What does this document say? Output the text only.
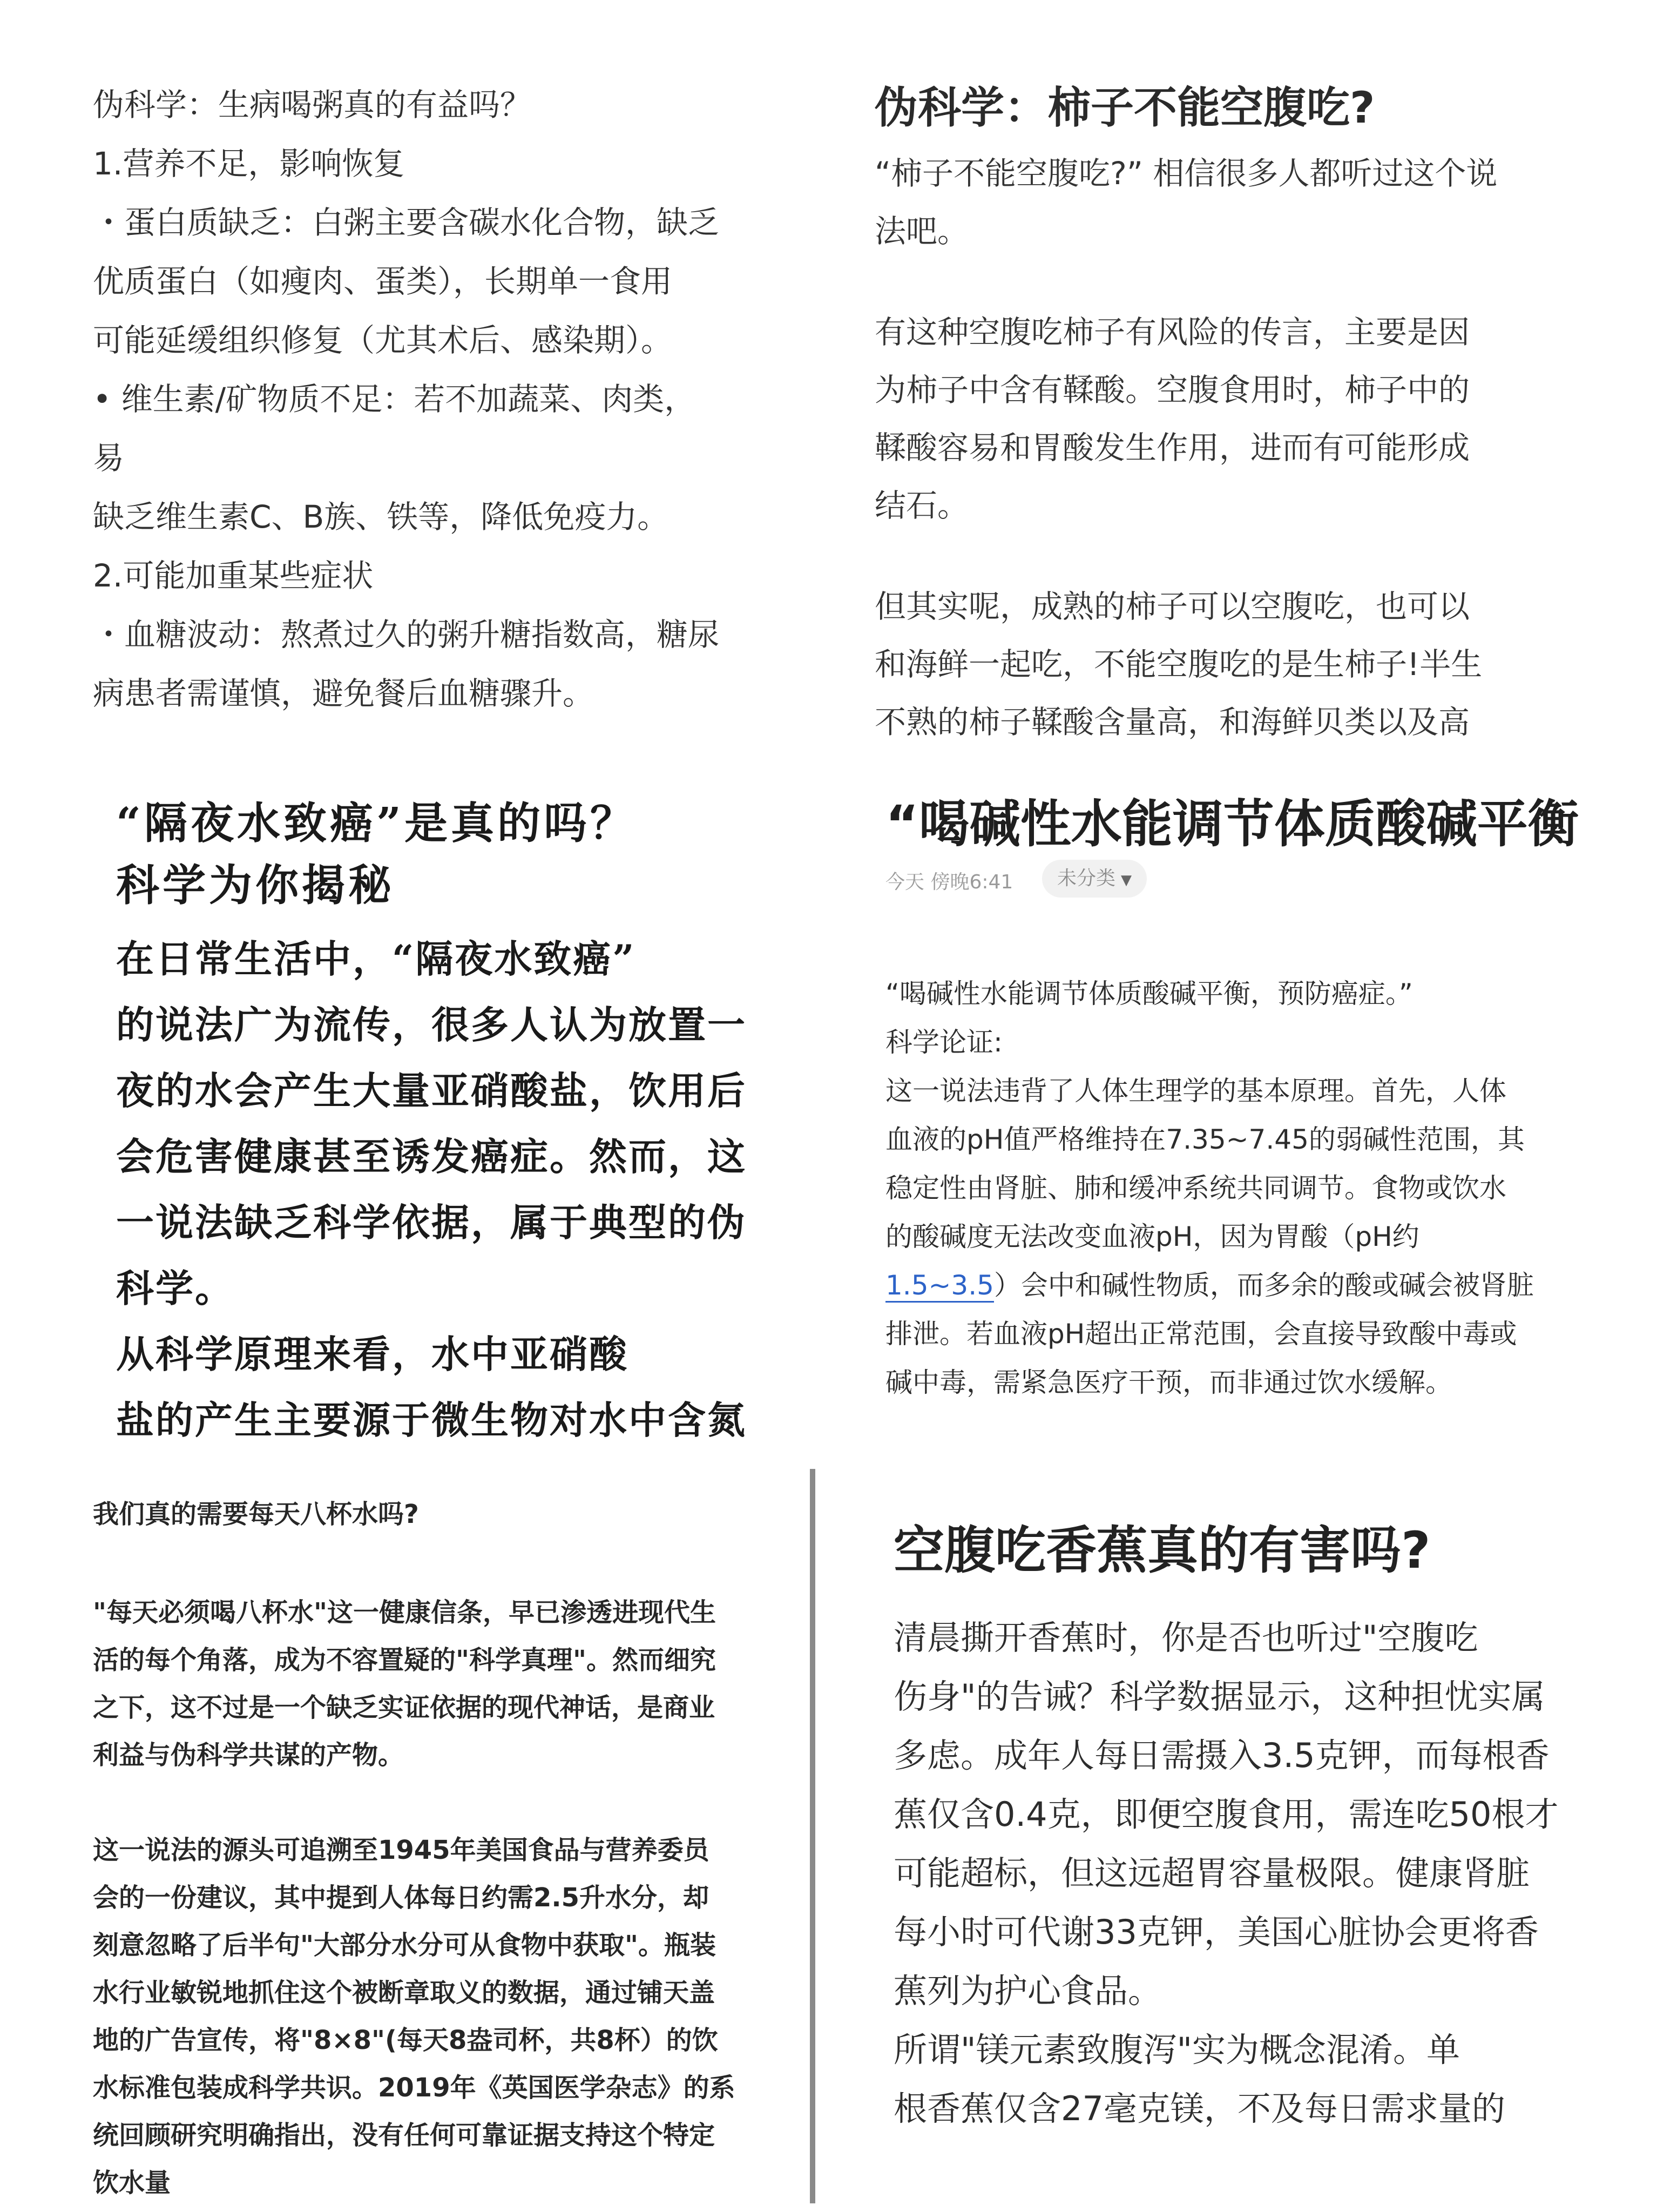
伪科学：生病喝粥真的有益吗？
1.营养不足，影响恢复
・蛋白质缺乏：白粥主要含碳水化合物，缺乏
优质蛋白（如瘦肉、蛋类），长期单一食用
可能延缓组织修复（尤其术后、感染期）。
• 维生素/矿物质不足：若不加蔬菜、肉类，
易
缺乏维生素C、B族、铁等，降低免疫力。
2.可能加重某些症状
・血糖波动：熬煮过久的粥升糖指数高，糖尿
病患者需谨慎，避免餐后血糖骤升。
伪科学：柿子不能空腹吃?
“柿子不能空腹吃?” 相信很多人都听过这个说
法吧。
有这种空腹吃柿子有风险的传言，主要是因
为柿子中含有鞣酸。空腹食用时，柿子中的
鞣酸容易和胃酸发生作用，进而有可能形成
结石。
但其实呢，成熟的柿子可以空腹吃，也可以
和海鲜一起吃，不能空腹吃的是生柿子!半生
不熟的柿子鞣酸含量高，和海鲜贝类以及高
“隔夜水致癌”是真的吗？
科学为你揭秘
在日常生活中，“隔夜水致癌”
的说法广为流传，很多人认为放置一
夜的水会产生大量亚硝酸盐，饮用后
会危害健康甚至诱发癌症。然而，这
一说法缺乏科学依据，属于典型的伪
科学。
从科学原理来看，水中亚硝酸
盐的产生主要源于微生物对水中含氮
“喝碱性水能调节体质酸碱平衡
今天 傍晚6:41	未分类 ▼
“喝碱性水能调节体质酸碱平衡，预防癌症。”
科学论证:
这一说法违背了人体生理学的基本原理。首先，人体
血液的pH值严格维持在7.35~7.45的弱碱性范围，其
稳定性由肾脏、肺和缓冲系统共同调节。食物或饮水
的酸碱度无法改变血液pH，因为胃酸（pH约
1.5~3.5）会中和碱性物质，而多余的酸或碱会被肾脏
排泄。若血液pH超出正常范围，会直接导致酸中毒或
碱中毒，需紧急医疗干预，而非通过饮水缓解。
我们真的需要每天八杯水吗?
"每天必须喝八杯水"这一健康信条，早已渗透进现代生
活的每个角落，成为不容置疑的"科学真理"。然而细究
之下，这不过是一个缺乏实证依据的现代神话，是商业
利益与伪科学共谋的产物。
这一说法的源头可追溯至1945年美国食品与营养委员
会的一份建议，其中提到人体每日约需2.5升水分，却
刻意忽略了后半句"大部分水分可从食物中获取"。瓶装
水行业敏锐地抓住这个被断章取义的数据，通过铺天盖
地的广告宣传，将"8×8"(每天8盎司杯，共8杯）的饮
水标准包装成科学共识。2019年《英国医学杂志》的系
统回顾研究明确指出，没有任何可靠证据支持这个特定
饮水量
空腹吃香蕉真的有害吗?
清晨撕开香蕉时，你是否也听过"空腹吃
伤身"的告诫？科学数据显示，这种担忧实属
多虑。成年人每日需摄入3.5克钾，而每根香
蕉仅含0.4克，即便空腹食用，需连吃50根才
可能超标，但这远超胃容量极限。健康肾脏
每小时可代谢33克钾，美国心脏协会更将香
蕉列为护心食品。
所谓"镁元素致腹泻"实为概念混淆。单
根香蕉仅含27毫克镁，不及每日需求量的
